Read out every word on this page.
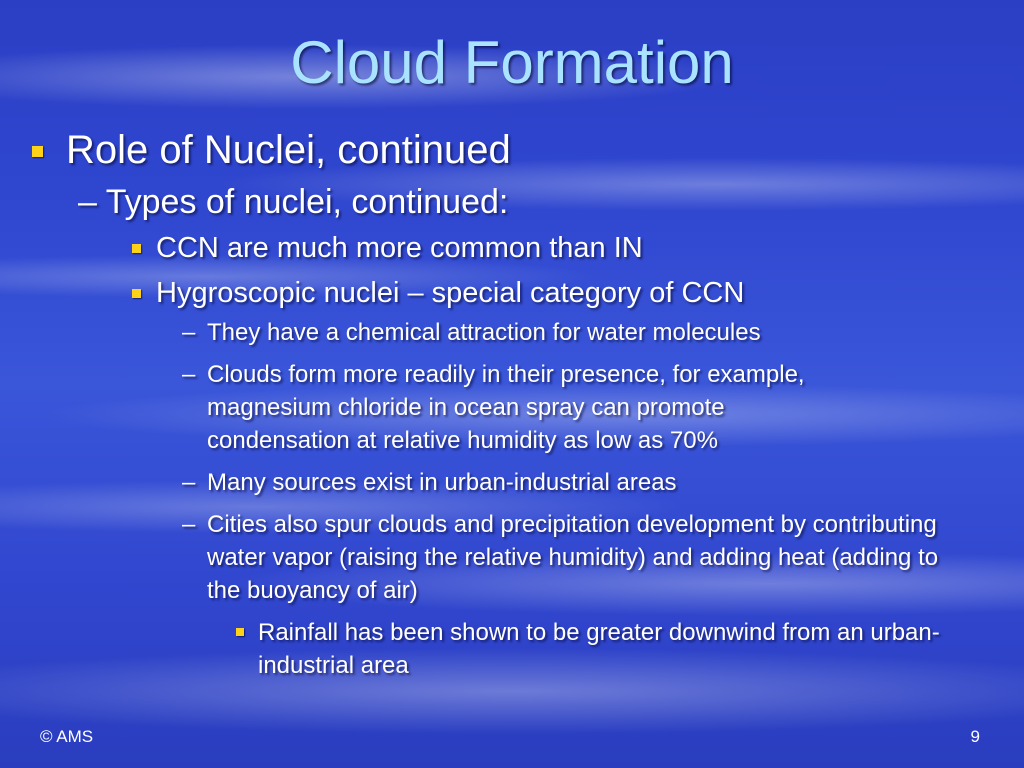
Cloud Formation
Role of Nuclei, continued
– Types of nuclei, continued:
CCN are much more common than IN
Hygroscopic nuclei – special category of CCN
– They have a chemical attraction for water molecules
– Clouds form more readily in their presence, for example, magnesium chloride in ocean spray can promote condensation at relative humidity as low as 70%
– Many sources exist in urban-industrial areas
– Cities also spur clouds and precipitation development by contributing water vapor (raising the relative humidity) and adding heat (adding to the buoyancy of air)
Rainfall has been shown to be greater downwind from an urban-industrial area
© AMS	9
